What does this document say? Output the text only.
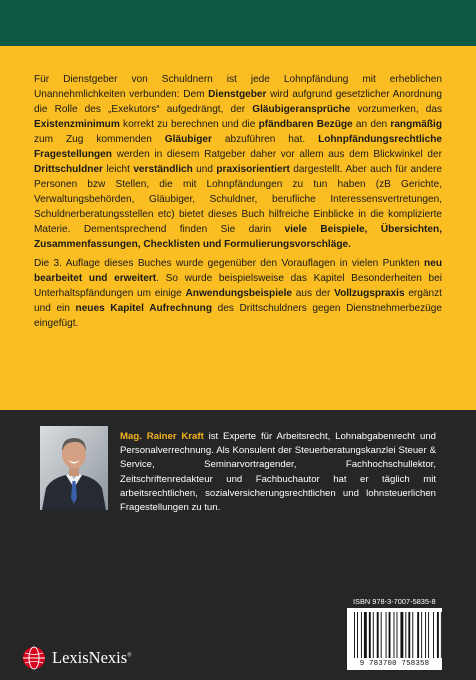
Für Dienstgeber von Schuldnern ist jede Lohnpfändung mit erheblichen Unannehmlichkeiten verbunden: Dem Dienstgeber wird aufgrund gesetzlicher Anordnung die Rolle des „Exekutors“ aufgedrängt, der Gläubigeransprüche vorzumerken, das Existenzminimum korrekt zu berechnen und die pfändbaren Bezüge an den rangmäßig zum Zug kommenden Gläubiger abzuführen hat. Lohnpfändungsrechtliche Fragestellungen werden in diesem Ratgeber daher vor allem aus dem Blickwinkel der Drittschuldner leicht verständlich und praxisorientiert dargestellt. Aber auch für andere Personen bzw Stellen, die mit Lohnpfändungen zu tun haben (zB Gerichte, Verwaltungsbehörden, Gläubiger, Schuldner, berufliche Interessensvertretungen, Schuldnerberatungsstellen etc) bietet dieses Buch hilfreiche Einblicke in die komplizierte Materie. Dementsprechend finden Sie darin viele Beispiele, Übersichten, Zusammenfassungen, Checklisten und Formulierungsvorschläge.

Die 3. Auflage dieses Buches wurde gegenüber den Vorauflagen in vielen Punkten neu bearbeitet und erweitert. So wurde beispielsweise das Kapitel Besonderheiten bei Unterhaltspfändungen um einige Anwendungsbeispiele aus der Vollzugspraxis ergänzt und ein neues Kapitel Aufrechnung des Drittschuldners gegen Dienstnehmerbezüge eingefügt.

Mag. Rainer Kraft ist Experte für Arbeitsrecht, Lohnabgabenrecht und Personalverrechnung. Als Konsulent der Steuerberatungskanzlei Steuer & Service, Seminarvortragender, Fachhochschullektor, Zeitschriftenredakteur und Fachbuchautor hat er täglich mit arbeitsrechtlichen, sozialversicherungsrechtlichen und lohnsteuerlichen Fragestellungen zu tun.
ISBN 978-3-7007-5835-8
9 783700 758358
LexisNexis®
